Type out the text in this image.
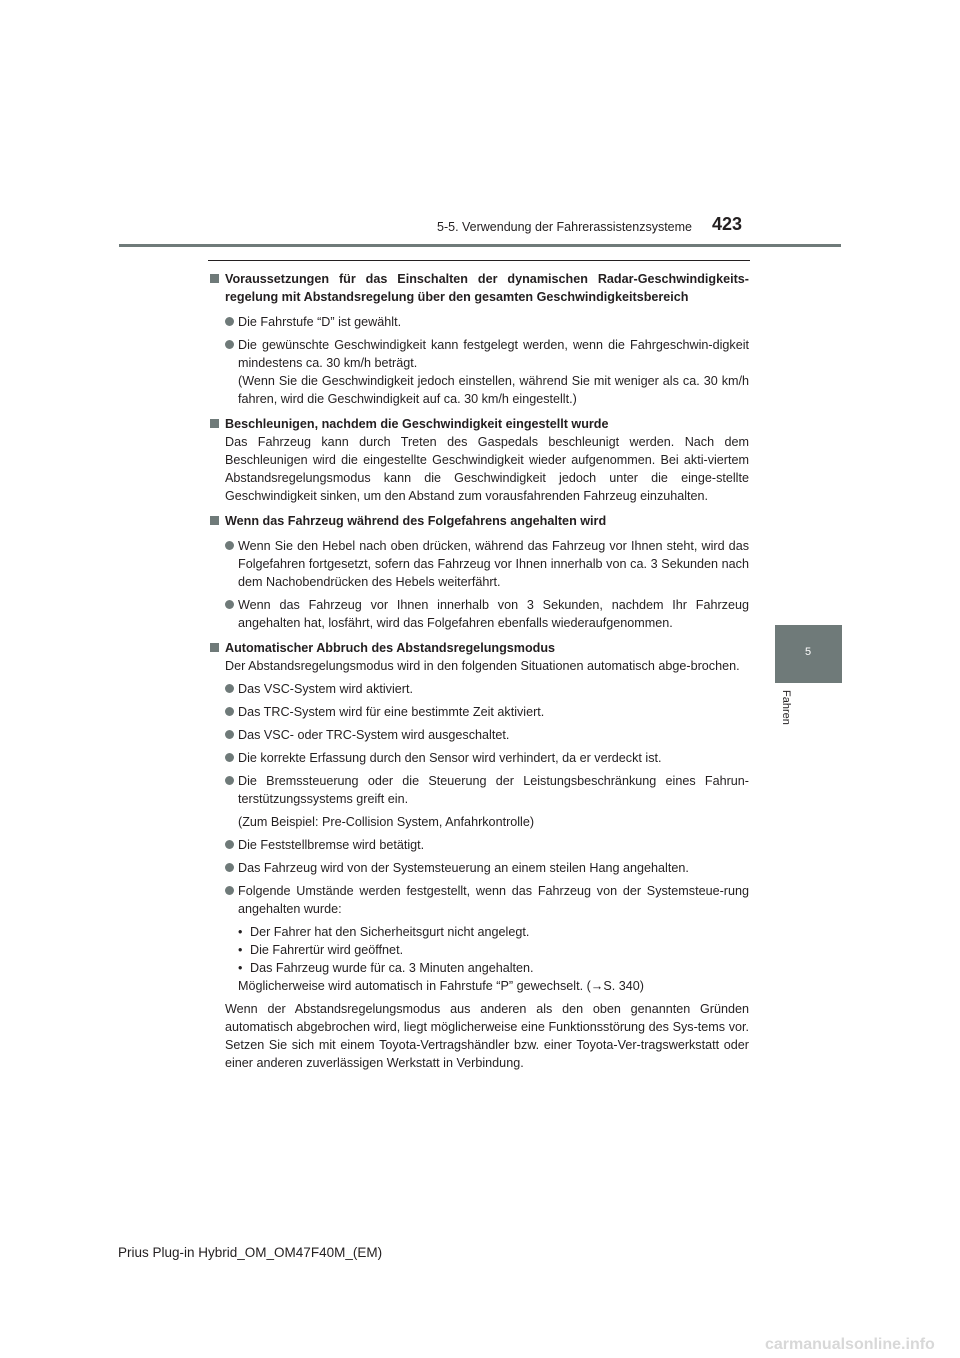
5-5. Verwendung der Fahrerassistenzsysteme 423
5
Fahren
Voraussetzungen für das Einschalten der dynamischen Radar-Geschwindigkeits-regelung mit Abstandsregelung über den gesamten Geschwindigkeitsbereich
Die Fahrstufe “D” ist gewählt.
Die gewünschte Geschwindigkeit kann festgelegt werden, wenn die Fahrgeschwin-digkeit mindestens ca. 30 km/h beträgt.
(Wenn Sie die Geschwindigkeit jedoch einstellen, während Sie mit weniger als ca. 30 km/h fahren, wird die Geschwindigkeit auf ca. 30 km/h eingestellt.)
Beschleunigen, nachdem die Geschwindigkeit eingestellt wurde
Das Fahrzeug kann durch Treten des Gaspedals beschleunigt werden. Nach dem Beschleunigen wird die eingestellte Geschwindigkeit wieder aufgenommen. Bei akti-viertem Abstandsregelungsmodus kann die Geschwindigkeit jedoch unter die einge-stellte Geschwindigkeit sinken, um den Abstand zum vorausfahrenden Fahrzeug einzuhalten.
Wenn das Fahrzeug während des Folgefahrens angehalten wird
Wenn Sie den Hebel nach oben drücken, während das Fahrzeug vor Ihnen steht, wird das Folgefahren fortgesetzt, sofern das Fahrzeug vor Ihnen innerhalb von ca. 3 Sekunden nach dem Nachobendrücken des Hebels weiterfährt.
Wenn das Fahrzeug vor Ihnen innerhalb von 3 Sekunden, nachdem Ihr Fahrzeug angehalten hat, losfährt, wird das Folgefahren ebenfalls wiederaufgenommen.
Automatischer Abbruch des Abstandsregelungsmodus
Der Abstandsregelungsmodus wird in den folgenden Situationen automatisch abge-brochen.
Das VSC-System wird aktiviert.
Das TRC-System wird für eine bestimmte Zeit aktiviert.
Das VSC- oder TRC-System wird ausgeschaltet.
Die korrekte Erfassung durch den Sensor wird verhindert, da er verdeckt ist.
Die Bremssteuerung oder die Steuerung der Leistungsbeschränkung eines Fahrun-terstützungssystems greift ein.
(Zum Beispiel: Pre-Collision System, Anfahrkontrolle)
Die Feststellbremse wird betätigt.
Das Fahrzeug wird von der Systemsteuerung an einem steilen Hang angehalten.
Folgende Umstände werden festgestellt, wenn das Fahrzeug von der Systemsteue-rung angehalten wurde:
• Der Fahrer hat den Sicherheitsgurt nicht angelegt.
• Die Fahrertür wird geöffnet.
• Das Fahrzeug wurde für ca. 3 Minuten angehalten.
Möglicherweise wird automatisch in Fahrstufe “P” gewechselt. (→S. 340)
Wenn der Abstandsregelungsmodus aus anderen als den oben genannten Gründen automatisch abgebrochen wird, liegt möglicherweise eine Funktionsstörung des Sys-tems vor. Setzen Sie sich mit einem Toyota-Vertragshändler bzw. einer Toyota-Ver-tragswerkstatt oder einer anderen zuverlässigen Werkstatt in Verbindung.
Prius Plug-in Hybrid_OM_OM47F40M_(EM)
carmanualsonline.info
